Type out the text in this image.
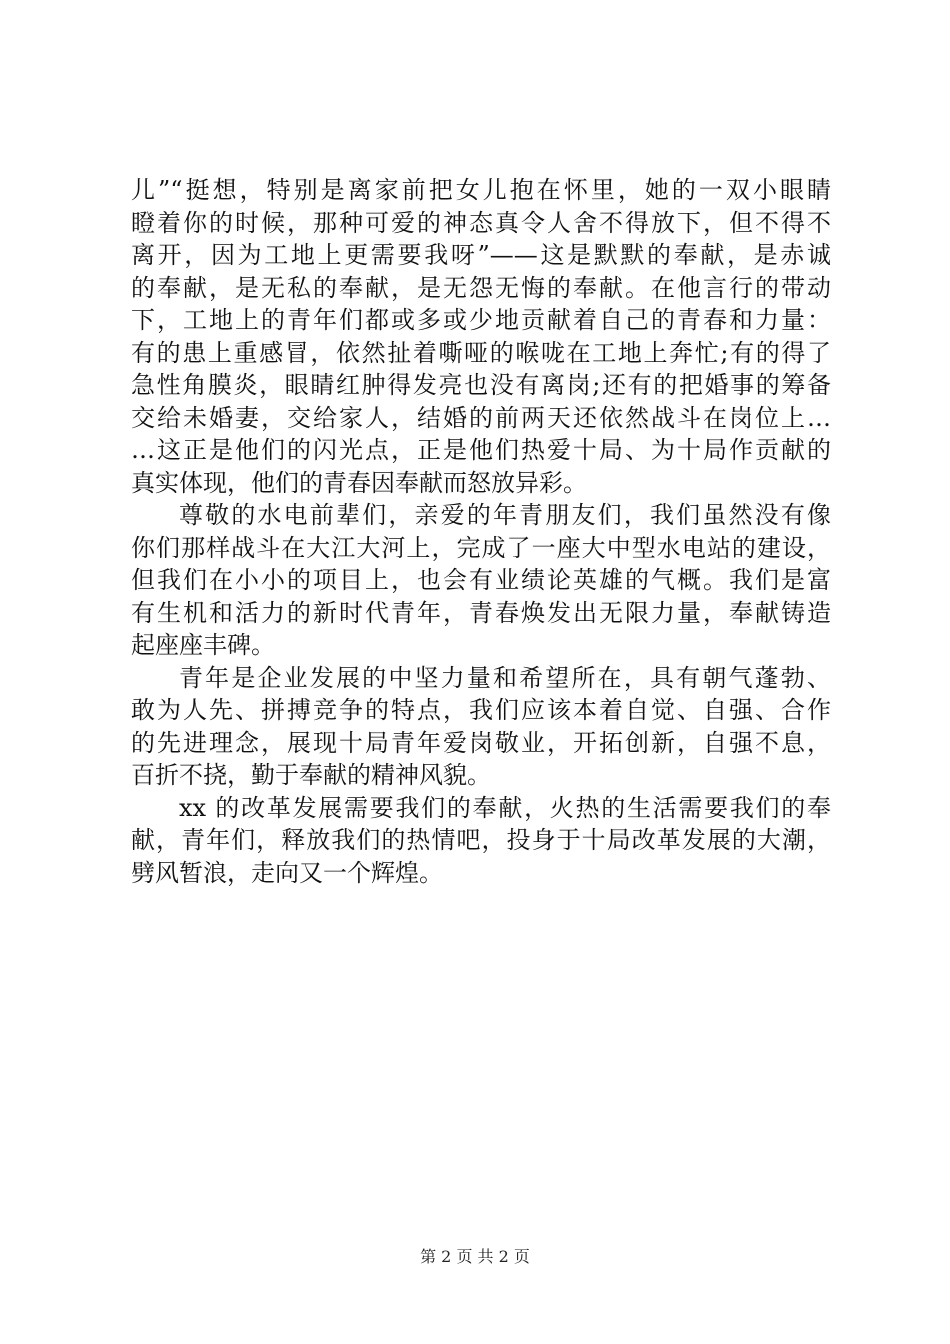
儿”“挺想，特别是离家前把女儿抱在怀里，她的一双小眼睛
瞪着你的时候，那种可爱的神态真令人舍不得放下，但不得不
离开，因为工地上更需要我呀”——这是默默的奉献，是赤诚
的奉献，是无私的奉献，是无怨无悔的奉献。在他言行的带动
下，工地上的青年们都或多或少地贡献着自己的青春和力量：
有的患上重感冒，依然扯着嘶哑的喉咙在工地上奔忙;有的得了
急性角膜炎，眼睛红肿得发亮也没有离岗;还有的把婚事的筹备
交给未婚妻，交给家人，结婚的前两天还依然战斗在岗位上…
…这正是他们的闪光点，正是他们热爱十局、为十局作贡献的
真实体现，他们的青春因奉献而怒放异彩。
尊敬的水电前辈们，亲爱的年青朋友们，我们虽然没有像
你们那样战斗在大江大河上，完成了一座大中型水电站的建设，
但我们在小小的项目上，也会有业绩论英雄的气概。我们是富
有生机和活力的新时代青年，青春焕发出无限力量，奉献铸造
起座座丰碑。
青年是企业发展的中坚力量和希望所在，具有朝气蓬勃、
敢为人先、拼搏竞争的特点，我们应该本着自觉、自强、合作
的先进理念，展现十局青年爱岗敬业，开拓创新，自强不息，
百折不挠，勤于奉献的精神风貌。
xx 的改革发展需要我们的奉献，火热的生活需要我们的奉
献，青年们，释放我们的热情吧，投身于十局改革发展的大潮，
劈风暂浪，走向又一个辉煌。
第 2 页 共 2 页
